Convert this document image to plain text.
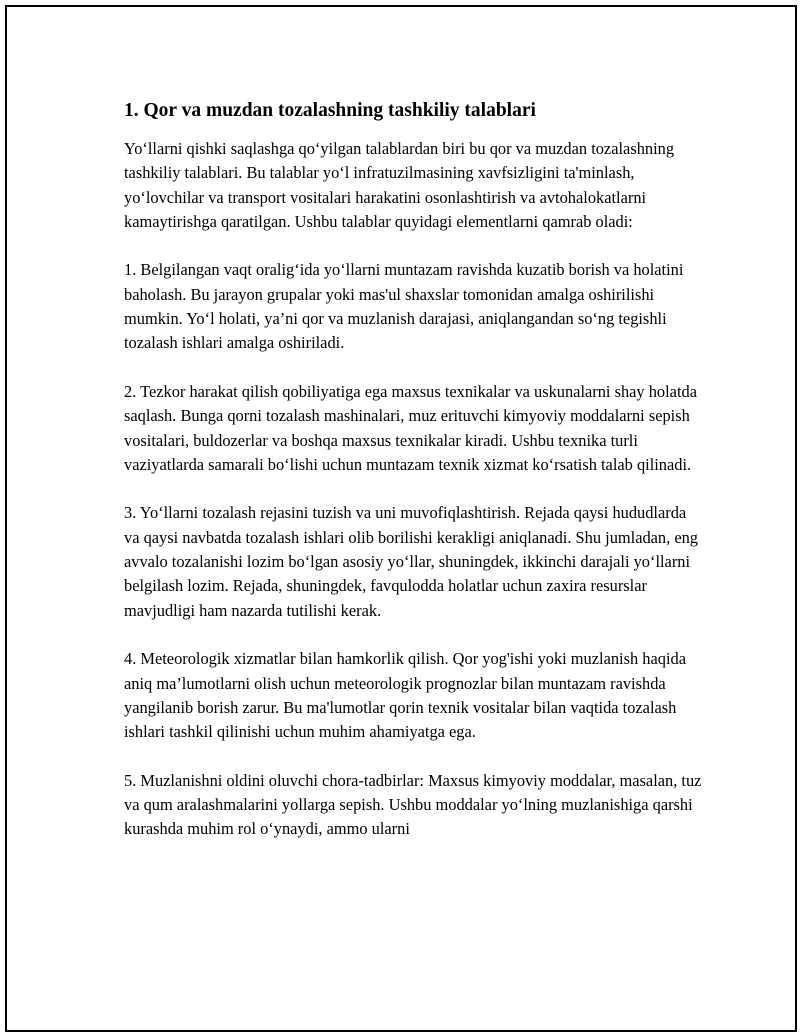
1. Qor va muzdan tozalashning tashkiliy talablari

Yo‘llarni qishki saqlashga qo‘yilgan talablardan biri bu qor va muzdan tozalashning tashkiliy talablari. Bu talablar yo‘l infratuzilmasining xavfsizligini ta'minlash, yo‘lovchilar va transport vositalari harakatini osonlashtirish va avtohalokatlarni kamaytirishga qaratilgan. Ushbu talablar quyidagi elementlarni qamrab oladi:

1. Belgilangan vaqt oralig‘ida yo‘llarni muntazam ravishda kuzatib borish va holatini baholash. Bu jarayon grupalar yoki mas'ul shaxslar tomonidan amalga oshirilishi mumkin. Yo‘l holati, ya’ni qor va muzlanish darajasi, aniqlangandan so‘ng tegishli tozalash ishlari amalga oshiriladi.

2. Tezkor harakat qilish qobiliyatiga ega maxsus texnikalar va uskunalarni shay holatda saqlash. Bunga qorni tozalash mashinalari, muz erituvchi kimyoviy moddalarni sepish vositalari, buldozerlar va boshqa maxsus texnikalar kiradi. Ushbu texnika turli vaziyatlarda samarali bo‘lishi uchun muntazam texnik xizmat ko‘rsatish talab qilinadi.

3. Yo‘llarni tozalash rejasini tuzish va uni muvofiqlashtirish. Rejada qaysi hududlarda va qaysi navbatda tozalash ishlari olib borilishi kerakligi aniqlanadi. Shu jumladan, eng avvalo tozalanishi lozim bo‘lgan asosiy yo‘llar, shuningdek, ikkinchi darajali yo‘llarni belgilash lozim. Rejada, shuningdek, favqulodda holatlar uchun zaxira resurslar mavjudligi ham nazarda tutilishi kerak.

4. Meteorologik xizmatlar bilan hamkorlik qilish. Qor yog'ishi yoki muzlanish haqida aniq ma’lumotlarni olish uchun meteorologik prognozlar bilan muntazam ravishda yangilanib borish zarur. Bu ma'lumotlar qorin texnik vositalar bilan vaqtida tozalash ishlari tashkil qilinishi uchun muhim ahamiyatga ega.

5. Muzlanishni oldini oluvchi chora-tadbirlar: Maxsus kimyoviy moddalar, masalan, tuz va qum aralashmalarini yollarga sepish. Ushbu moddalar yo‘lning muzlanishiga qarshi kurashda muhim rol o‘ynaydi, ammo ularni
